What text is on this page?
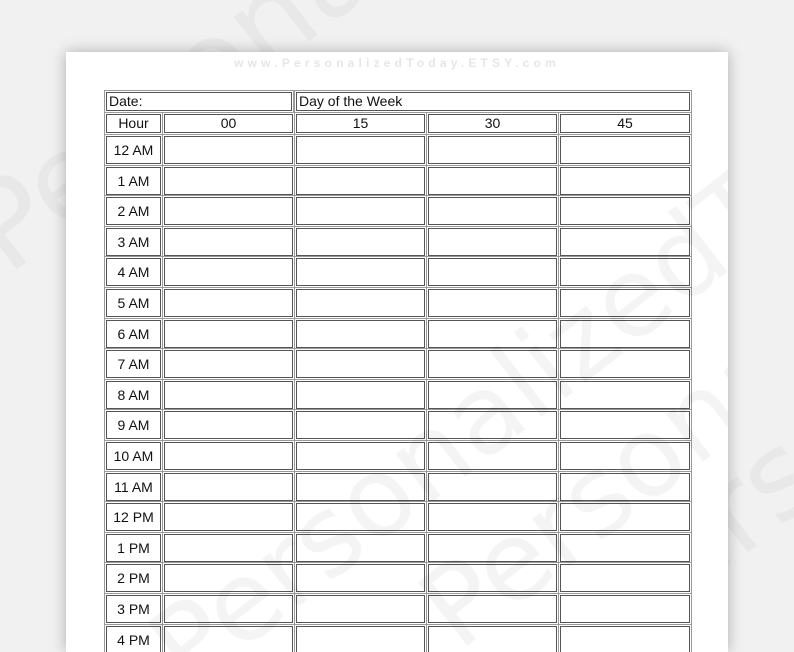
www.PersonalizedToday.ETSY.com
Date:	Day of the Week
Hour	00	15	30	45
12 AM
1 AM
2 AM
3 AM
4 AM
5 AM
6 AM
7 AM
8 AM
9 AM
10 AM
11 AM
12 PM
1 PM
2 PM
3 PM
4 PM
